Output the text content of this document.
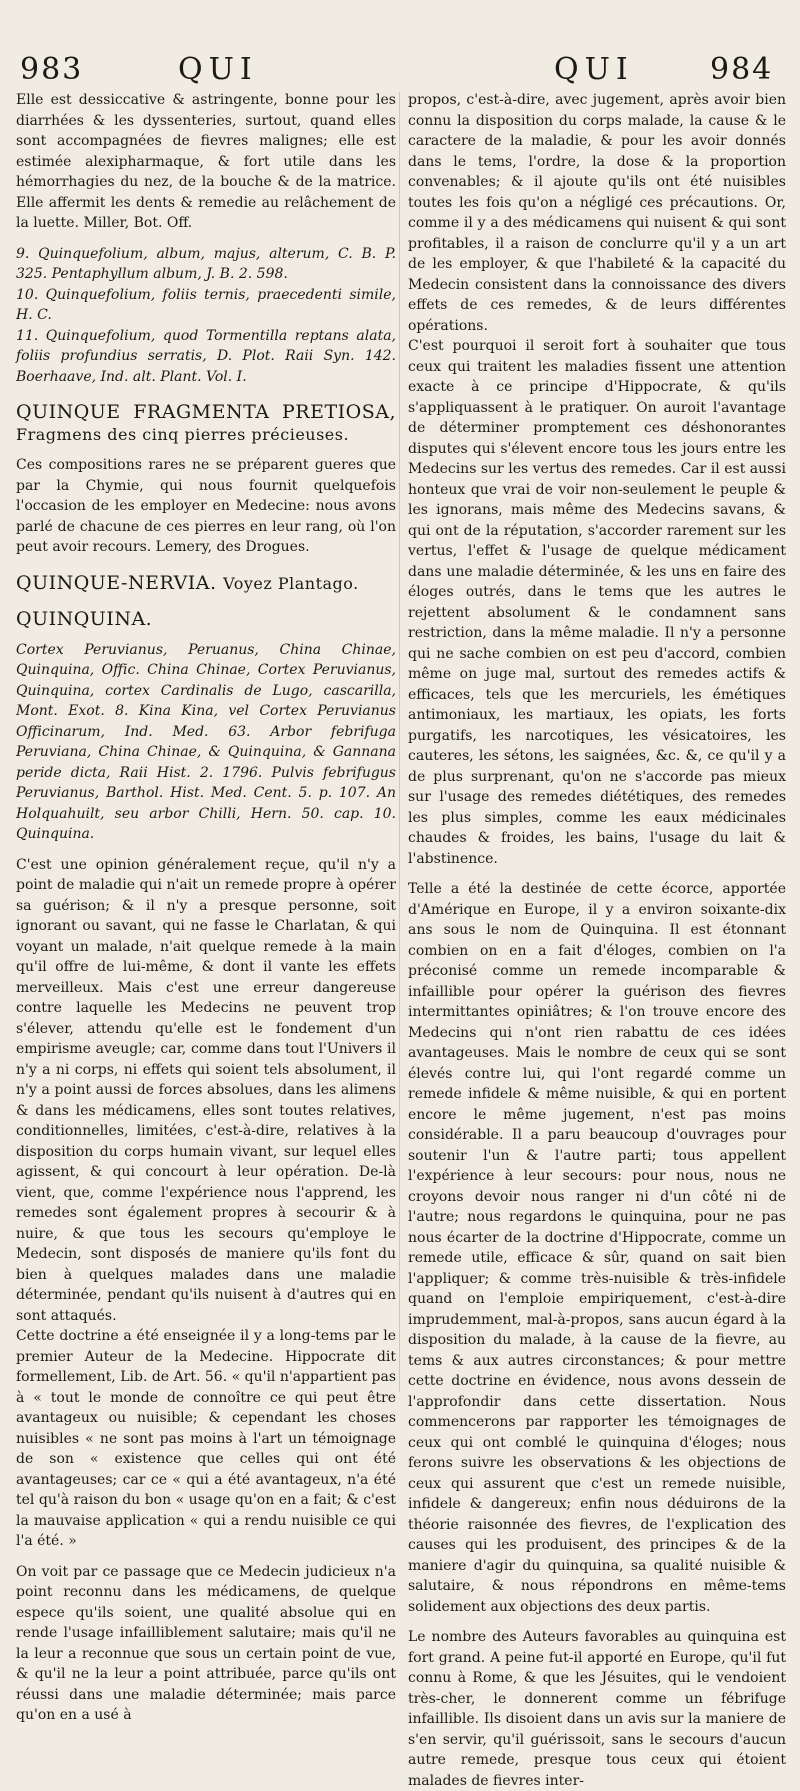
983	QUI	QUI	984

Elle est dessiccative & astringente, bonne pour les diarrhées & les dyssenteries, surtout, quand elles sont accompagnées de fievres malignes; elle est estimée alexipharmaque, & fort utile dans les hémorrhagies du nez, de la bouche & de la matrice. Elle affermit les dents & remedie au relâchement de la luette. Miller, Bot. Off.

9. Quinquefolium, album, majus, alterum, C. B. P. 325. Pentaphyllum album, J. B. 2. 598.

10. Quinquefolium, foliis ternis, praecedenti simile, H. C.

11. Quinquefolium, quod Tormentilla reptans alata, foliis profundius serratis, D. Plot. Raii Syn. 142. Boerhaave, Ind. alt. Plant. Vol. I.

QUINQUE FRAGMENTA PRETIOSA, Fragmens des cinq pierres précieuses.

Ces compositions rares ne se préparent gueres que par la Chymie, qui nous fournit quelquefois l'occasion de les employer en Medecine: nous avons parlé de chacune de ces pierres en leur rang, où l'on peut avoir recours. Lemery, des Drogues.

QUINQUE-NERVIA. Voyez Plantago.

QUINQUINA.

Cortex Peruvianus, Peruanus, China Chinae, Quinquina, Offic. China Chinae, Cortex Peruvianus, Quinquina, cortex Cardinalis de Lugo, cascarilla, Mont. Exot. 8. Kina Kina, vel Cortex Peruvianus Officinarum, Ind. Med. 63. Arbor febrifuga Peruviana, China Chinae, & Quinquina, & Gannana peride dicta, Raii Hist. 2. 1796. Pulvis febrifugus Peruvianus, Barthol. Hist. Med. Cent. 5. p. 107. An Holquahuilt, seu arbor Chilli, Hern. 50. cap. 10. Quinquina.

C'est une opinion généralement reçue, qu'il n'y a point de maladie qui n'ait un remede propre à opérer sa guérison; & il n'y a presque personne, soit ignorant ou savant, qui ne fasse le Charlatan, & qui voyant un malade, n'ait quelque remede à la main qu'il offre de lui-même, & dont il vante les effets merveilleux. Mais c'est une erreur dangereuse contre laquelle les Medecins ne peuvent trop s'élever, attendu qu'elle est le fondement d'un empirisme aveugle; car, comme dans tout l'Univers il n'y a ni corps, ni effets qui soient tels absolument, il n'y a point aussi de forces absolues, dans les alimens & dans les médicamens, elles sont toutes relatives, conditionnelles, limitées, c'est-à-dire, relatives à la disposition du corps humain vivant, sur lequel elles agissent, & qui concourt à leur opération. De-là vient, que, comme l'expérience nous l'apprend, les remedes sont également propres à secourir & à nuire, & que tous les secours qu'employe le Medecin, sont disposés de maniere qu'ils font du bien à quelques malades dans une maladie déterminée, pendant qu'ils nuisent à d'autres qui en sont attaqués.

Cette doctrine a été enseignée il y a long-tems par le premier Auteur de la Medecine. Hippocrate dit formellement, Lib. de Art. 56. « qu'il n'appartient pas à « tout le monde de connoître ce qui peut être avantageux ou nuisible; & cependant les choses nuisibles « ne sont pas moins à l'art un témoignage de son « existence que celles qui ont été avantageuses; car ce « qui a été avantageux, n'a été tel qu'à raison du bon « usage qu'on en a fait; & c'est la mauvaise application « qui a rendu nuisible ce qui l'a été. »

On voit par ce passage que ce Medecin judicieux n'a point reconnu dans les médicamens, de quelque espece qu'ils soient, une qualité absolue qui en rende l'usage infailliblement salutaire; mais qu'il ne la leur a reconnue que sous un certain point de vue, & qu'il ne la leur a point attribuée, parce qu'ils ont réussi dans une maladie déterminée; mais parce qu'on en a usé à

propos, c'est-à-dire, avec jugement, après avoir bien connu la disposition du corps malade, la cause & le caractere de la maladie, & pour les avoir donnés dans le tems, l'ordre, la dose & la proportion convenables; & il ajoute qu'ils ont été nuisibles toutes les fois qu'on a négligé ces précautions. Or, comme il y a des médicamens qui nuisent & qui sont profitables, il a raison de conclurre qu'il y a un art de les employer, & que l'habileté & la capacité du Medecin consistent dans la connoissance des divers effets de ces remedes, & de leurs différentes opérations.

C'est pourquoi il seroit fort à souhaiter que tous ceux qui traitent les maladies fissent une attention exacte à ce principe d'Hippocrate, & qu'ils s'appliquassent à le pratiquer. On auroit l'avantage de déterminer promptement ces déshonorantes disputes qui s'élevent encore tous les jours entre les Medecins sur les vertus des remedes. Car il est aussi honteux que vrai de voir non-seulement le peuple & les ignorans, mais même des Medecins savans, & qui ont de la réputation, s'accorder rarement sur les vertus, l'effet & l'usage de quelque médicament dans une maladie déterminée, & les uns en faire des éloges outrés, dans le tems que les autres le rejettent absolument & le condamnent sans restriction, dans la même maladie. Il n'y a personne qui ne sache combien on est peu d'accord, combien même on juge mal, surtout des remedes actifs & efficaces, tels que les mercuriels, les émétiques antimoniaux, les martiaux, les opiats, les forts purgatifs, les narcotiques, les vésicatoires, les cauteres, les sétons, les saignées, &c. &, ce qu'il y a de plus surprenant, qu'on ne s'accorde pas mieux sur l'usage des remedes diététiques, des remedes les plus simples, comme les eaux médicinales chaudes & froides, les bains, l'usage du lait & l'abstinence.

Telle a été la destinée de cette écorce, apportée d'Amérique en Europe, il y a environ soixante-dix ans sous le nom de Quinquina. Il est étonnant combien on en a fait d'éloges, combien on l'a préconisé comme un remede incomparable & infaillible pour opérer la guérison des fievres intermittantes opiniâtres; & l'on trouve encore des Medecins qui n'ont rien rabattu de ces idées avantageuses. Mais le nombre de ceux qui se sont élevés contre lui, qui l'ont regardé comme un remede infidele & même nuisible, & qui en portent encore le même jugement, n'est pas moins considérable. Il a paru beaucoup d'ouvrages pour soutenir l'un & l'autre parti; tous appellent l'expérience à leur secours: pour nous, nous ne croyons devoir nous ranger ni d'un côté ni de l'autre; nous regardons le quinquina, pour ne pas nous écarter de la doctrine d'Hippocrate, comme un remede utile, efficace & sûr, quand on sait bien l'appliquer; & comme très-nuisible & très-infidele quand on l'emploie empiriquement, c'est-à-dire imprudemment, mal-à-propos, sans aucun égard à la disposition du malade, à la cause de la fievre, au tems & aux autres circonstances; & pour mettre cette doctrine en évidence, nous avons dessein de l'approfondir dans cette dissertation. Nous commencerons par rapporter les témoignages de ceux qui ont comblé le quinquina d'éloges; nous ferons suivre les observations & les objections de ceux qui assurent que c'est un remede nuisible, infidele & dangereux; enfin nous déduirons de la théorie raisonnée des fievres, de l'explication des causes qui les produisent, des principes & de la maniere d'agir du quinquina, sa qualité nuisible & salutaire, & nous répondrons en même-tems solidement aux objections des deux partis.

Le nombre des Auteurs favorables au quinquina est fort grand. A peine fut-il apporté en Europe, qu'il fut connu à Rome, & que les Jésuites, qui le vendoient très-cher, le donnerent comme un fébrifuge infaillible. Ils disoient dans un avis sur la maniere de s'en servir, qu'il guérissoit, sans le secours d'aucun autre remede, presque tous ceux qui étoient malades de fievres inter-
